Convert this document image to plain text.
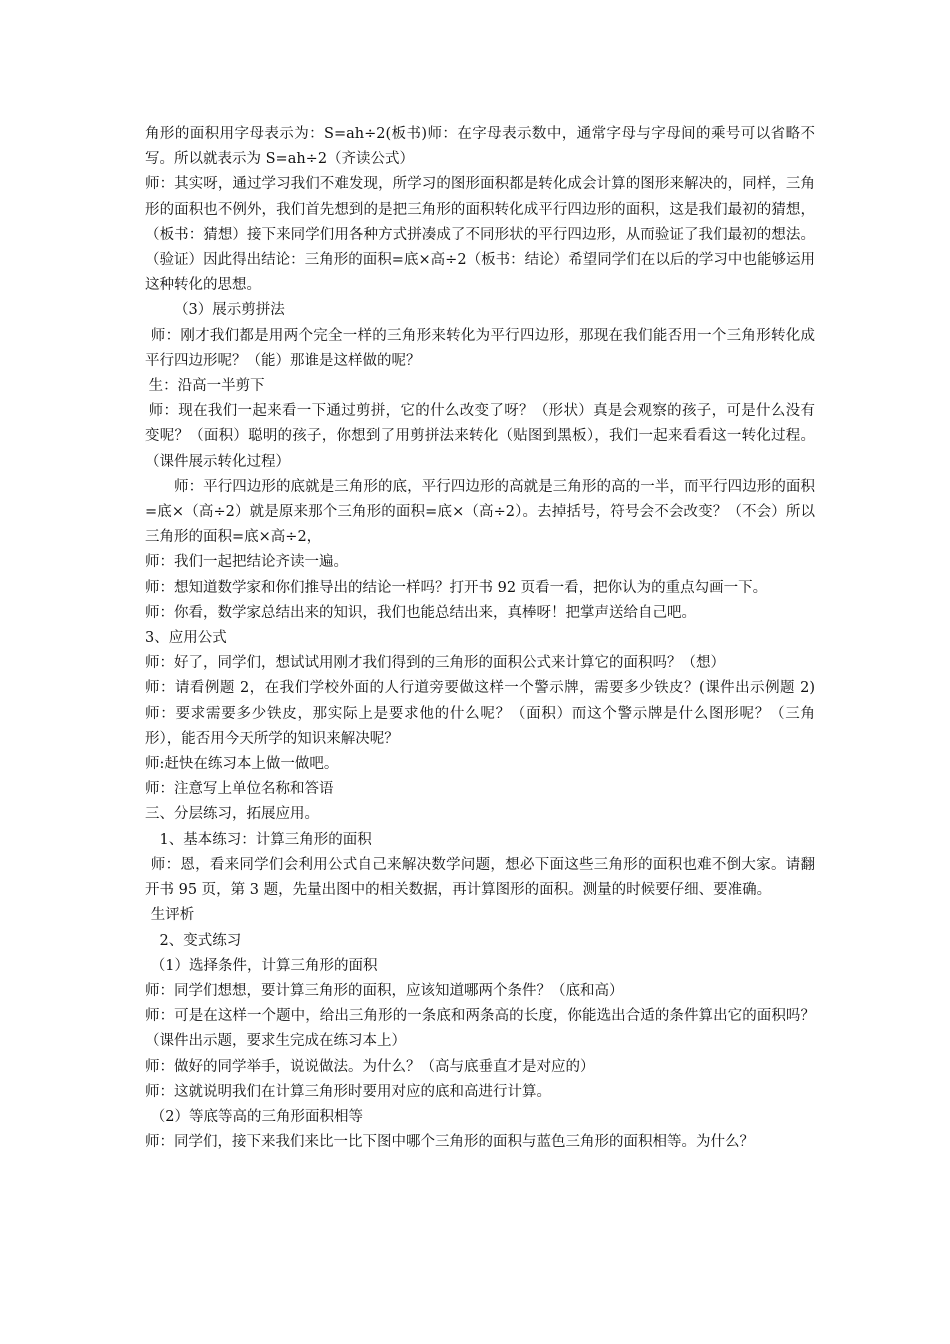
角形的面积用字母表示为：S=ah÷2(板书)师：在字母表示数中，通常字母与字母间的乘号可以省略不写。所以就表示为 S=ah÷2（齐读公式）

师：其实呀，通过学习我们不难发现，所学习的图形面积都是转化成会计算的图形来解决的，同样，三角形的面积也不例外，我们首先想到的是把三角形的面积转化成平行四边形的面积，这是我们最初的猜想，（板书：猜想）接下来同学们用各种方式拼凑成了不同形状的平行四边形，从而验证了我们最初的想法。（验证）因此得出结论：三角形的面积=底×高÷2（板书：结论）希望同学们在以后的学习中也能够运用这种转化的思想。

（3）展示剪拼法

师：刚才我们都是用两个完全一样的三角形来转化为平行四边形，那现在我们能否用一个三角形转化成平行四边形呢？（能）那谁是这样做的呢？

生：沿高一半剪下

师：现在我们一起来看一下通过剪拼，它的什么改变了呀？（形状）真是会观察的孩子，可是什么没有变呢？（面积）聪明的孩子，你想到了用剪拼法来转化（贴图到黑板），我们一起来看看这一转化过程。（课件展示转化过程）

师：平行四边形的底就是三角形的底，平行四边形的高就是三角形的高的一半，而平行四边形的面积=底×（高÷2）就是原来那个三角形的面积=底×（高÷2）。去掉括号，符号会不会改变？（不会）所以三角形的面积=底×高÷2，

师：我们一起把结论齐读一遍。

师：想知道数学家和你们推导出的结论一样吗？打开书 92 页看一看，把你认为的重点勾画一下。

师：你看，数学家总结出来的知识，我们也能总结出来，真棒呀！把掌声送给自己吧。

3、应用公式

师：好了，同学们，想试试用刚才我们得到的三角形的面积公式来计算它的面积吗？（想）

师：请看例题 2，在我们学校外面的人行道旁要做这样一个警示牌，需要多少铁皮？(课件出示例题 2)师：要求需要多少铁皮，那实际上是要求他的什么呢？（面积）而这个警示牌是什么图形呢？（三角形），能否用今天所学的知识来解决呢？

师:赶快在练习本上做一做吧。

师：注意写上单位名称和答语

三、分层练习，拓展应用。

1、基本练习：计算三角形的面积

师：恩，看来同学们会利用公式自己来解决数学问题，想必下面这些三角形的面积也难不倒大家。请翻开书 95 页，第 3 题，先量出图中的相关数据，再计算图形的面积。测量的时候要仔细、要准确。

生评析

2、变式练习

（1）选择条件，计算三角形的面积

师：同学们想想，要计算三角形的面积，应该知道哪两个条件？（底和高）

师：可是在这样一个题中，给出三角形的一条底和两条高的长度，你能选出合适的条件算出它的面积吗？（课件出示题，要求生完成在练习本上）

师：做好的同学举手，说说做法。为什么？（高与底垂直才是对应的）

师：这就说明我们在计算三角形时要用对应的底和高进行计算。

（2）等底等高的三角形面积相等

师：同学们，接下来我们来比一比下图中哪个三角形的面积与蓝色三角形的面积相等。为什么？
